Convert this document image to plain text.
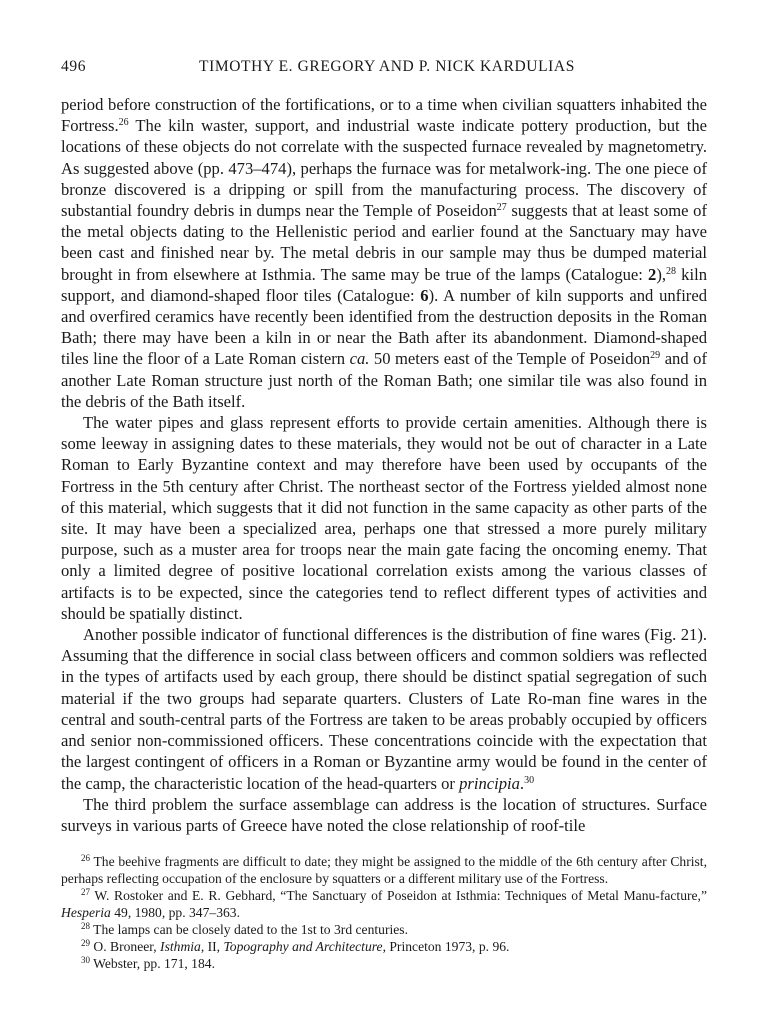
496	TIMOTHY E. GREGORY AND P. NICK KARDULIAS

period before construction of the fortifications, or to a time when civilian squatters inhabited the Fortress.$^{26}$ The kiln waster, support, and industrial waste indicate pottery production, but the locations of these objects do not correlate with the suspected furnace revealed by magnetometry. As suggested above (pp. 473–474), perhaps the furnace was for metalwork-ing. The one piece of bronze discovered is a dripping or spill from the manufacturing process. The discovery of substantial foundry debris in dumps near the Temple of Poseidon$^{27}$ suggests that at least some of the metal objects dating to the Hellenistic period and earlier found at the Sanctuary may have been cast and finished near by. The metal debris in our sample may thus be dumped material brought in from elsewhere at Isthmia. The same may be true of the lamps (Catalogue: 2),$^{28}$ kiln support, and diamond-shaped floor tiles (Catalogue: 6). A number of kiln supports and unfired and overfired ceramics have recently been identified from the destruction deposits in the Roman Bath; there may have been a kiln in or near the Bath after its abandonment. Diamond-shaped tiles line the floor of a Late Roman cistern ca. 50 meters east of the Temple of Poseidon$^{29}$ and of another Late Roman structure just north of the Roman Bath; one similar tile was also found in the debris of the Bath itself.

The water pipes and glass represent efforts to provide certain amenities. Although there is some leeway in assigning dates to these materials, they would not be out of character in a Late Roman to Early Byzantine context and may therefore have been used by occupants of the Fortress in the 5th century after Christ. The northeast sector of the Fortress yielded almost none of this material, which suggests that it did not function in the same capacity as other parts of the site. It may have been a specialized area, perhaps one that stressed a more purely military purpose, such as a muster area for troops near the main gate facing the oncoming enemy. That only a limited degree of positive locational correlation exists among the various classes of artifacts is to be expected, since the categories tend to reflect different types of activities and should be spatially distinct.

Another possible indicator of functional differences is the distribution of fine wares (Fig. 21). Assuming that the difference in social class between officers and common soldiers was reflected in the types of artifacts used by each group, there should be distinct spatial segregation of such material if the two groups had separate quarters. Clusters of Late Ro-man fine wares in the central and south-central parts of the Fortress are taken to be areas probably occupied by officers and senior non-commissioned officers. These concentrations coincide with the expectation that the largest contingent of officers in a Roman or Byzantine army would be found in the center of the camp, the characteristic location of the head-quarters or principia.$^{30}$

The third problem the surface assemblage can address is the location of structures. Surface surveys in various parts of Greece have noted the close relationship of roof-tile

$^{26}$ The beehive fragments are difficult to date; they might be assigned to the middle of the 6th century after Christ, perhaps reflecting occupation of the enclosure by squatters or a different military use of the Fortress.

$^{27}$ W. Rostoker and E. R. Gebhard, “The Sanctuary of Poseidon at Isthmia: Techniques of Metal Manu-facture,” Hesperia 49, 1980, pp. 347–363.

$^{28}$ The lamps can be closely dated to the 1st to 3rd centuries.

$^{29}$ O. Broneer, Isthmia, II, Topography and Architecture, Princeton 1973, p. 96.

$^{30}$ Webster, pp. 171, 184.
